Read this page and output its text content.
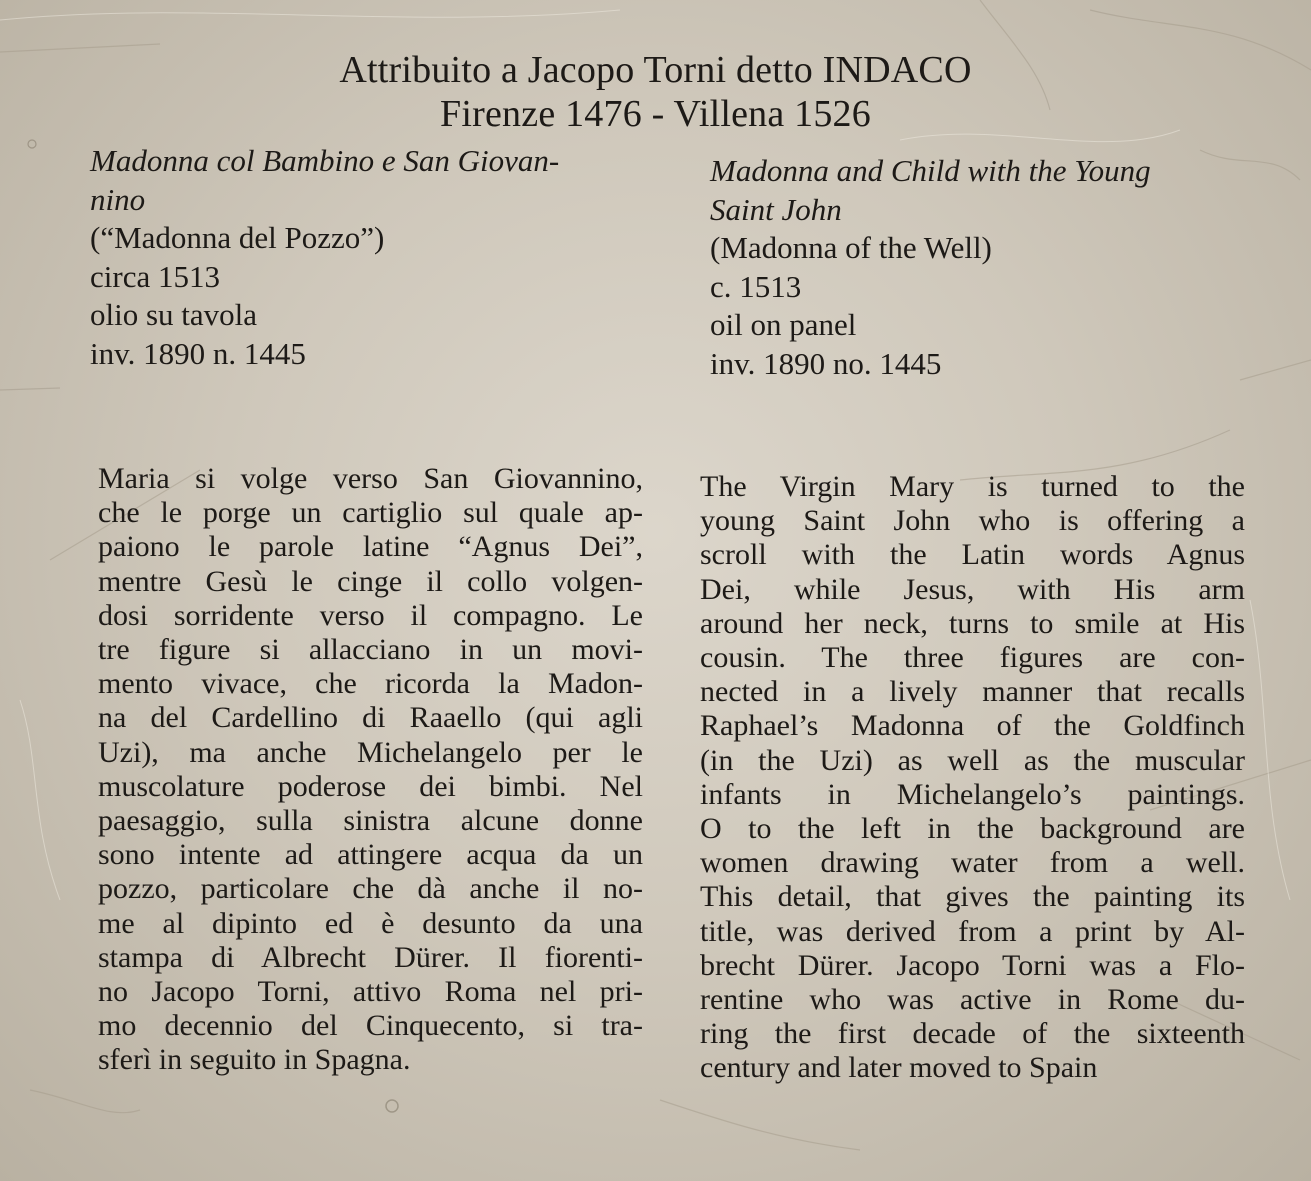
Attribuito a Jacopo Torni detto INDACO
Firenze 1476 - Villena 1526
Madonna col Bambino e San Giovan-
nino
(“Madonna del Pozzo”)
circa 1513
olio su tavola
inv. 1890 n. 1445
Madonna and Child with the Young
Saint John
(Madonna of the Well)
c. 1513
oil on panel
inv. 1890 no. 1445
Maria si volge verso San Giovannino,
che le porge un cartiglio sul quale ap-
paiono le parole latine “Agnus Dei”,
mentre Gesù le cinge il collo volgen-
dosi sorridente verso il compagno. Le
tre figure si allacciano in un movi-
mento vivace, che ricorda la Madon-
na del Cardellino di Raaello (qui agli
Uzi), ma anche Michelangelo per le
muscolature poderose dei bimbi. Nel
paesaggio, sulla sinistra alcune donne
sono intente ad attingere acqua da un
pozzo, particolare che dà anche il no-
me al dipinto ed è desunto da una
stampa di Albrecht Dürer. Il fiorenti-
no Jacopo Torni, attivo Roma nel pri-
mo decennio del Cinquecento, si tra-
sferì in seguito in Spagna.
The Virgin Mary is turned to the
young Saint John who is offering a
scroll with the Latin words Agnus
Dei, while Jesus, with His arm
around her neck, turns to smile at His
cousin. The three figures are con-
nected in a lively manner that recalls
Raphael’s Madonna of the Goldfinch
(in the Uzi) as well as the muscular
infants in Michelangelo’s paintings.
O to the left in the background are
women drawing water from a well.
This detail, that gives the painting its
title, was derived from a print by Al-
brecht Dürer. Jacopo Torni was a Flo-
rentine who was active in Rome du-
ring the first decade of the sixteenth
century and later moved to Spain
